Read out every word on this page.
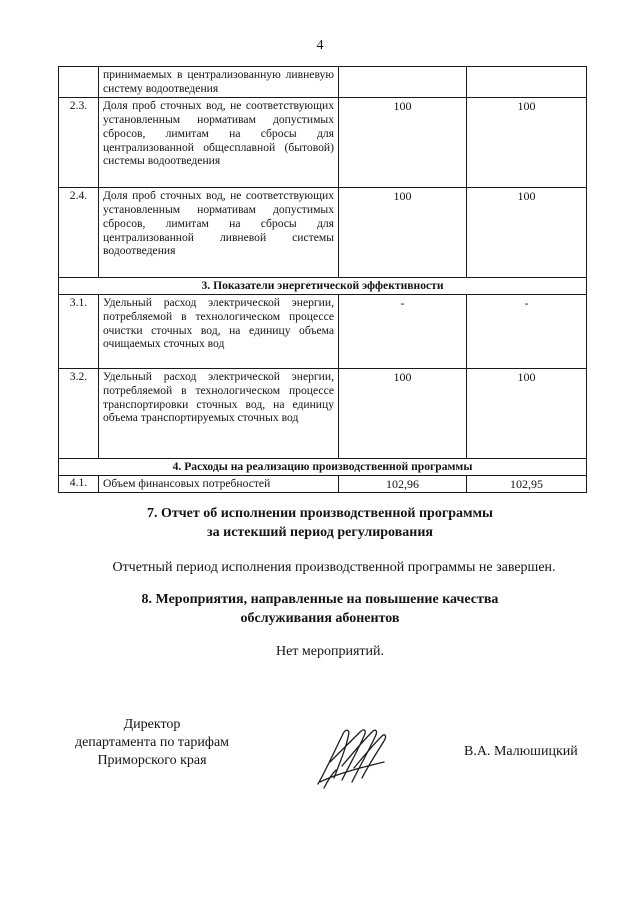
4
	принимаемых в централизованную ливневую систему водоотведения		
2.3.	Доля проб сточных вод, не соответствующих установленным нормативам допустимых сбросов, лимитам на сбросы для централизованной общесплавной (бытовой) системы водоотведения	100	100
2.4.	Доля проб сточных вод, не соответствующих установленным нормативам допустимых сбросов, лимитам на сбросы для централизованной ливневой системы водоотведения	100	100
3. Показатели энергетической эффективности			
3.1.	Удельный расход электрической энергии, потребляемой в технологическом процессе очистки сточных вод, на единицу объема очищаемых сточных вод	-	-
3.2.	Удельный расход электрической энергии, потребляемой в технологическом процессе транспортировки сточных вод, на единицу объема транспортируемых сточных вод	100	100
4. Расходы на реализацию производственной программы			
4.1.	Объем финансовых потребностей	102,96	102,95
7. Отчет об исполнении производственной программы
за истекший период регулирования
Отчетный период исполнения производственной программы не завершен.
8. Мероприятия, направленные на повышение качества
обслуживания абонентов
Нет мероприятий.
Директор
департамента по тарифам
Приморского края
В.А. Малюшицкий
